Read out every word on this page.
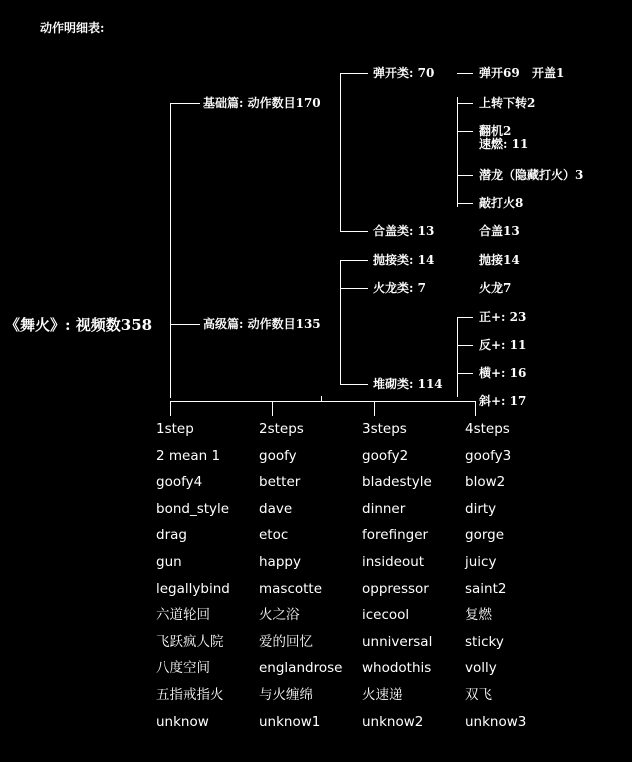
动作明细表:
《舞火》: 视频数358
基础篇: 动作数目170
高级篇: 动作数目135
弹开类: 70
合盖类: 13
抛接类: 14
火龙类: 7
堆砌类: 114
弹开69 开盖1
上转下转2
翻机2
速燃: 11
潜龙（隐藏打火）3
敲打火8
合盖13
抛接14
火龙7
正+: 23
反+: 11
横+: 16
斜+: 17
1step	2steps	3steps	4steps
2 mean 1	goofy	goofy2	goofy3
goofy4	better	bladestyle	blow2
bond_style	dave	dinner	dirty
drag	etoc	forefinger	gorge
gun	happy	insideout	juicy
legallybind	mascotte	oppressor	saint2
六道轮回	火之浴	icecool	复燃
飞跃疯人院	爱的回忆	unniversal	sticky
八度空间	englandrose	whodothis	volly
五指戒指火	与火缠绵	火速递	双飞
unknow	unknow1	unknow2	unknow3
